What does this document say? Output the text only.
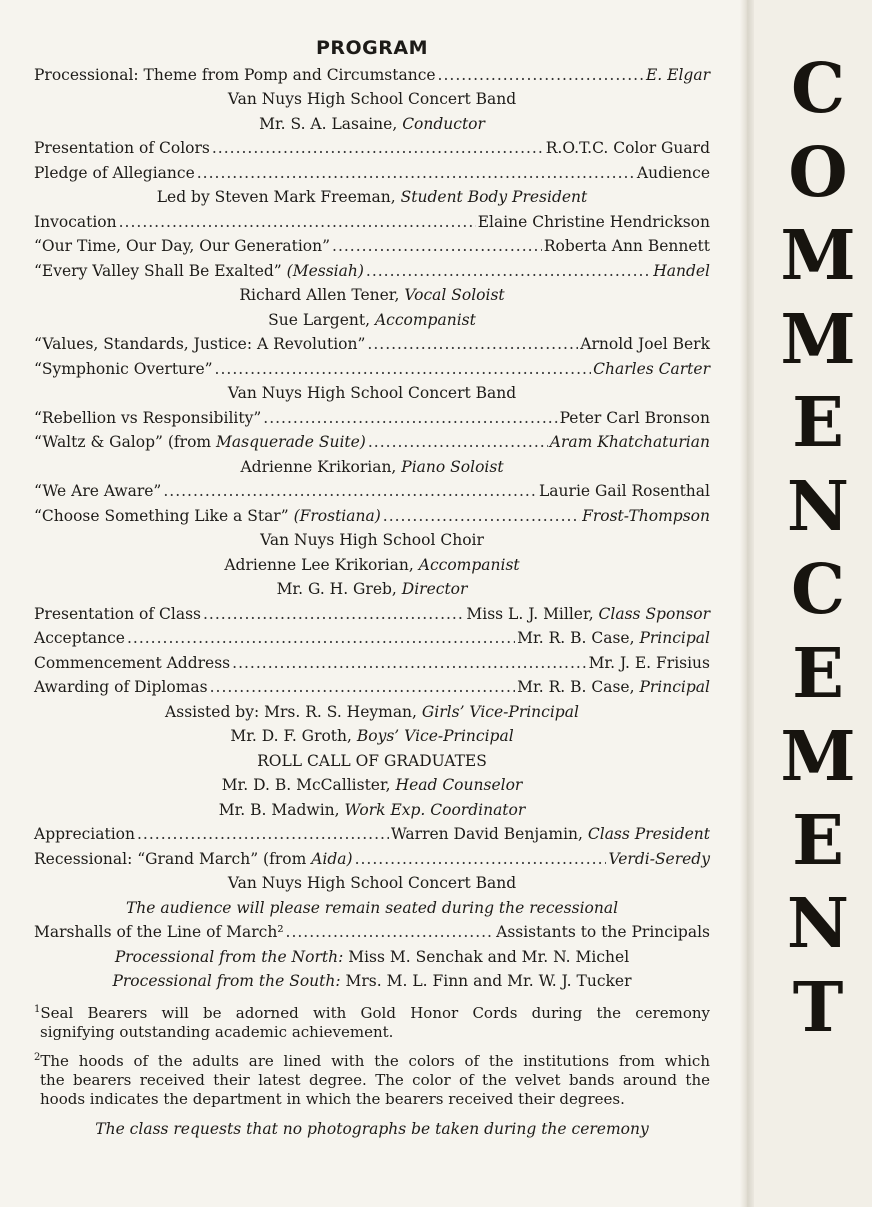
PROGRAM
Processional: Theme from Pomp and Circumstance .....	E. Elgar
Van Nuys High School Concert Band
Mr. S. A. Lasaine, Conductor
Presentation of Colors .....	R.O.T.C. Color Guard
Pledge of Allegiance .....	Audience
Led by Steven Mark Freeman, Student Body President
Invocation .....	Elaine Christine Hendrickson
“Our Time, Our Day, Our Generation” .....	Roberta Ann Bennett
“Every Valley Shall Be Exalted” (Messiah) .....	Handel
Richard Allen Tener, Vocal Soloist
Sue Largent, Accompanist
“Values, Standards, Justice: A Revolution” .....	Arnold Joel Berk
“Symphonic Overture” .....	Charles Carter
Van Nuys High School Concert Band
“Rebellion vs Responsibility” .....	Peter Carl Bronson
“Waltz & Galop” (from Masquerade Suite) .....	Aram Khatchaturian
Adrienne Krikorian, Piano Soloist
“We Are Aware” .....	Laurie Gail Rosenthal
“Choose Something Like a Star” (Frostiana) .....	Frost-Thompson
Van Nuys High School Choir
Adrienne Lee Krikorian, Accompanist
Mr. G. H. Greb, Director
Presentation of Class .....	Miss L. J. Miller, Class Sponsor
Acceptance .....	Mr. R. B. Case, Principal
Commencement Address .....	Mr. J. E. Frisius
Awarding of Diplomas .....	Mr. R. B. Case, Principal
Assisted by: Mrs. R. S. Heyman, Girls’ Vice-Principal
Mr. D. F. Groth, Boys’ Vice-Principal
ROLL CALL OF GRADUATES
Mr. D. B. McCallister, Head Counselor
Mr. B. Madwin, Work Exp. Coordinator
Appreciation .....	Warren David Benjamin, Class President
Recessional: “Grand March” (from Aida) .....	Verdi-Seredy
Van Nuys High School Concert Band
The audience will please remain seated during the recessional
Marshalls of the Line of March² .....	Assistants to the Principals
Processional from the North: Miss M. Senchak and Mr. N. Michel
Processional from the South: Mrs. M. L. Finn and Mr. W. J. Tucker
$^1$Seal Bearers will be adorned with Gold Honor Cords during the ceremony
signifying outstanding academic achievement.
$^2$The hoods of the adults are lined with the colors of the institutions from which
the bearers received their latest degree. The color of the velvet bands around the hoods indicates the department in which the bearers received their degrees.
The class requests that no photographs be taken during the ceremony
C
O
M
M
E
N
C
E
M
E
N
T
